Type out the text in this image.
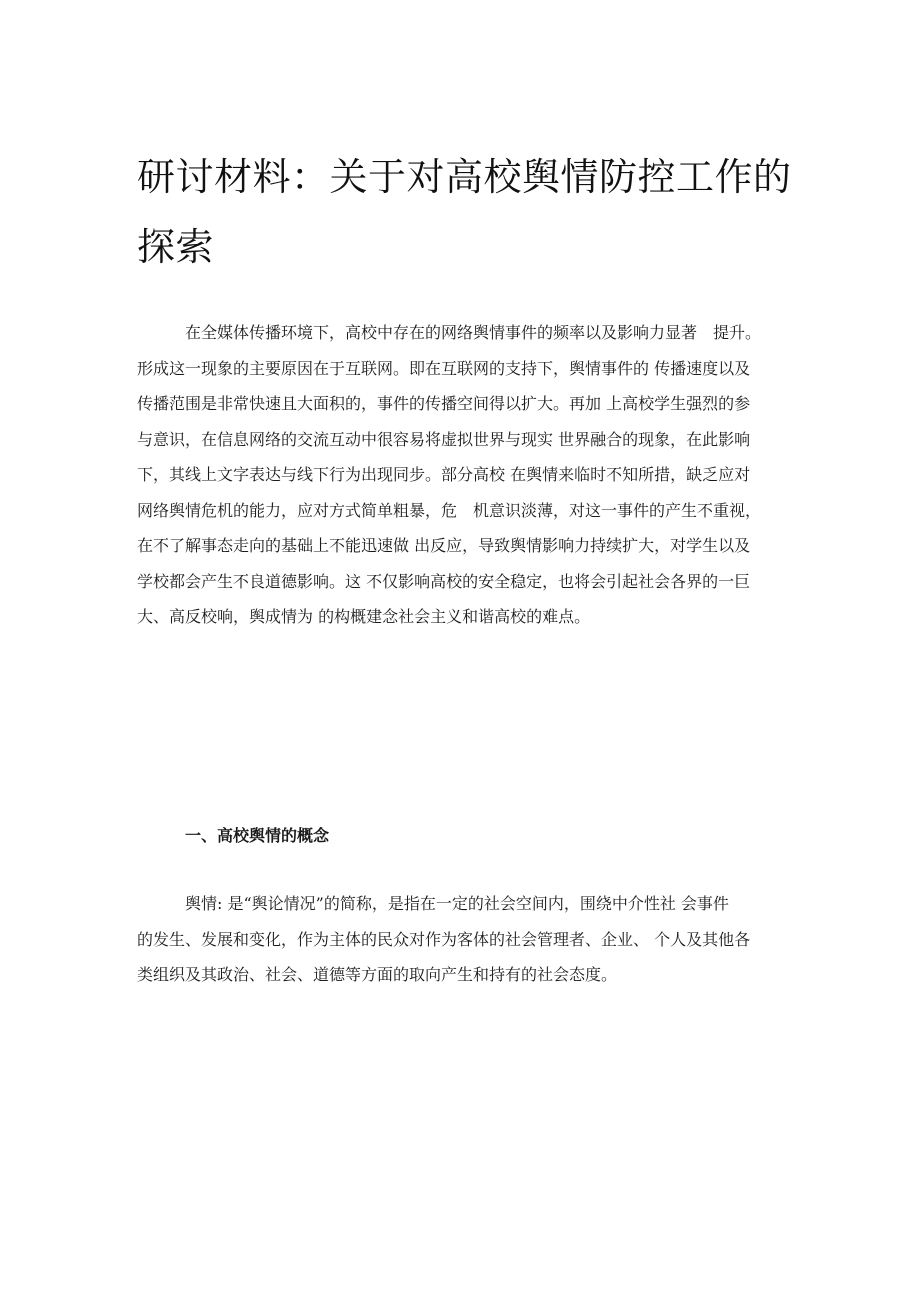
研讨材料：关于对高校舆情防控工作的
探索
在全媒体传播环境下，高校中存在的网络舆情事件的频率以及影响力显著　提升。
形成这一现象的主要原因在于互联网。即在互联网的支持下，舆情事件的 传播速度以及
传播范围是非常快速且大面积的，事件的传播空间得以扩大。再加 上高校学生强烈的参
与意识，在信息网络的交流互动中很容易将虚拟世界与现实 世界融合的现象，在此影响
下，其线上文字表达与线下行为出现同步。部分高校 在舆情来临时不知所措，缺乏应对
网络舆情危机的能力，应对方式简单粗暴，危　机意识淡薄，对这一事件的产生不重视，
在不了解事态走向的基础上不能迅速做 出反应，导致舆情影响力持续扩大，对学生以及
学校都会产生不良道德影响。这 不仅影响高校的安全稳定，也将会引起社会各界的一巨
大、高反校响，舆成情为 的构概建念社会主义和谐高校的难点。
一、高校舆情的概念
舆情: 是“舆论情况”的简称，是指在一定的社会空间内，围绕中介性社 会事件
的发生、发展和变化，作为主体的民众对作为客体的社会管理者、企业、 个人及其他各
类组织及其政治、社会、道德等方面的取向产生和持有的社会态度。
